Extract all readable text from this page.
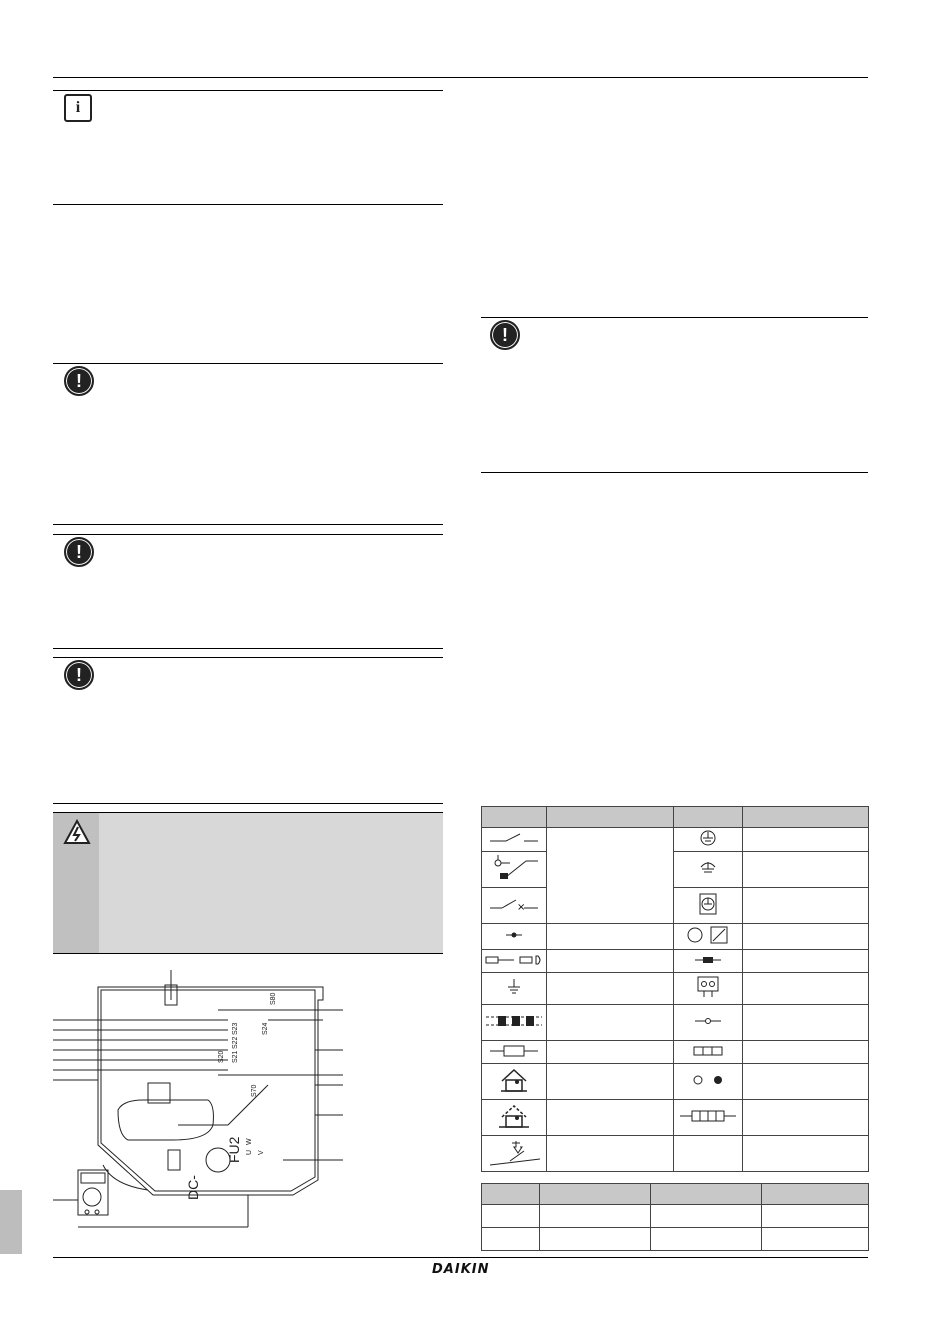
i
!
!
!
S80
S24
S23
S22
S21
S20
S70
U
W
V
FU2
DC-
!

×

DAIKIN
